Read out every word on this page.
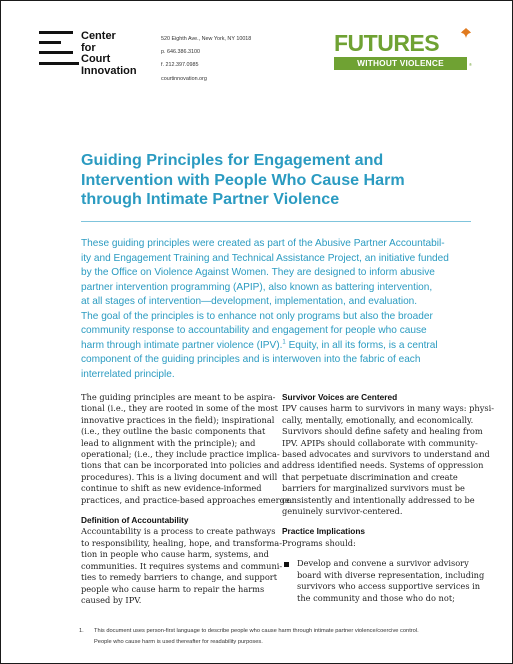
Center
for
Court
Innovation
520 Eighth Ave., New York, NY 10018
p. 646.386.3100
f. 212.397.0985
courtinnovation.org
FUTURES
WITHOUT VIOLENCE	®
Guiding Principles for Engagement and
Intervention with People Who Cause Harm
through Intimate Partner Violence
These guiding principles were created as part of the Abusive Partner Accountabil-
ity and Engagement Training and Technical Assistance Project, an initiative funded
by the Office on Violence Against Women. They are designed to inform abusive
partner intervention programming (APIP), also known as battering intervention,
at all stages of intervention—development, implementation, and evaluation.
The goal of the principles is to enhance not only programs but also the broader
community response to accountability and engagement for people who cause
harm through intimate partner violence (IPV).$^1$ Equity, in all its forms, is a central
component of the guiding principles and is interwoven into the fabric of each
interrelated principle.
The guiding principles are meant to be aspira-
tional (i.e., they are rooted in some of the most
innovative practices in the field); inspirational
(i.e., they outline the basic components that
lead to alignment with the principle); and
operational; (i.e., they include practice implica-
tions that can be incorporated into policies and
procedures). This is a living document and will
continue to shift as new evidence-informed
practices, and practice-based approaches emerge.
Definition of Accountability
Accountability is a process to create pathways
to responsibility, healing, hope, and transforma-
tion in people who cause harm, systems, and
communities. It requires systems and communi-
ties to remedy barriers to change, and support
people who cause harm to repair the harms
caused by IPV.
Survivor Voices are Centered
IPV causes harm to survivors in many ways: physi-
cally, mentally, emotionally, and economically.
Survivors should define safety and healing from
IPV. APIPs should collaborate with community-
based advocates and survivors to understand and
address identified needs. Systems of oppression
that perpetuate discrimination and create
barriers for marginalized survivors must be
consistently and intentionally addressed to be
genuinely survivor-centered.
Practice Implications
Programs should:
Develop and convene a survivor advisory
board with diverse representation, including
survivors who access supportive services in
the community and those who do not;
1. This document uses person-first language to describe people who cause harm through intimate partner violence/coercive control.
People who cause harm is used thereafter for readability purposes.
